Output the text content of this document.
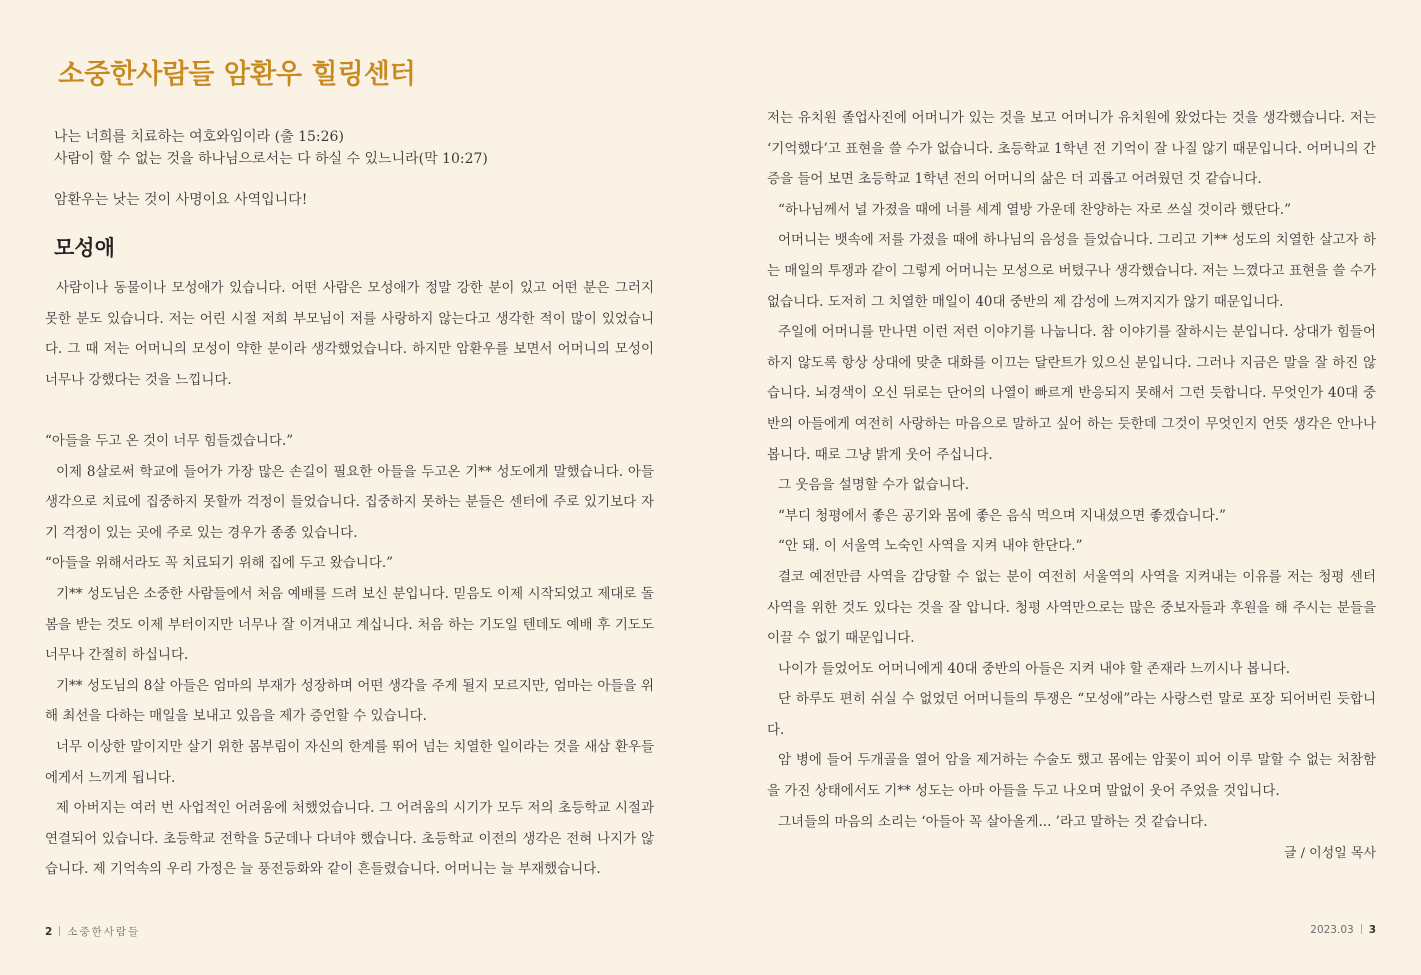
소중한사람들 암환우 힐링센터
나는 너희를 치료하는 여호와임이라 (출 15:26)
사람이 할 수 없는 것을 하나님으로서는 다 하실 수 있느니라(막 10:27)
암환우는 낫는 것이 사명이요 사역입니다!
모성애

사람이나 동물이나 모성애가 있습니다. 어떤 사람은 모성애가 정말 강한 분이 있고 어떤 분은 그러지 못한 분도 있습니다. 저는 어린 시절 저희 부모님이 저를 사랑하지 않는다고 생각한 적이 많이 있었습니다. 그 때 저는 어머니의 모성이 약한 분이라 생각했었습니다. 하지만 암환우를 보면서 어머니의 모성이 너무나 강했다는 것을 느낍니다.

“아들을 두고 온 것이 너무 힘들겠습니다.”

이제 8살로써 학교에 들어가 가장 많은 손길이 필요한 아들을 두고온 기** 성도에게 말했습니다. 아들 생각으로 치료에 집중하지 못할까 걱정이 들었습니다. 집중하지 못하는 분들은 센터에 주로 있기보다 자기 걱정이 있는 곳에 주로 있는 경우가 종종 있습니다.

“아들을 위해서라도 꼭 치료되기 위해 집에 두고 왔습니다.”

기** 성도님은 소중한 사람들에서 처음 예배를 드려 보신 분입니다. 믿음도 이제 시작되었고 제대로 돌봄을 받는 것도 이제 부터이지만 너무나 잘 이겨내고 계십니다. 처음 하는 기도일 텐데도 예배 후 기도도 너무나 간절히 하십니다.

기** 성도님의 8살 아들은 엄마의 부재가 성장하며 어떤 생각을 주게 될지 모르지만, 엄마는 아들을 위해 최선을 다하는 매일을 보내고 있음을 제가 증언할 수 있습니다.

너무 이상한 말이지만 살기 위한 몸부림이 자신의 한계를 뛰어 넘는 치열한 일이라는 것을 새삼 환우들에게서 느끼게 됩니다.

제 아버지는 여러 번 사업적인 어려움에 처했었습니다. 그 어려움의 시기가 모두 저의 초등학교 시절과 연결되어 있습니다. 초등학교 전학을 5군데나 다녀야 했습니다. 초등학교 이전의 생각은 전혀 나지가 않습니다. 제 기억속의 우리 가정은 늘 풍전등화와 같이 흔들렸습니다. 어머니는 늘 부재했습니다.

2 소중한사람들

저는 유치원 졸업사진에 어머니가 있는 것을 보고 어머니가 유치원에 왔었다는 것을 생각했습니다. 저는 ‘기억했다’고 표현을 쓸 수가 없습니다. 초등학교 1학년 전 기억이 잘 나질 않기 때문입니다. 어머니의 간증을 들어 보면 초등학교 1학년 전의 어머니의 삶은 더 괴롭고 어려웠던 것 같습니다.

“하나님께서 널 가졌을 때에 너를 세계 열방 가운데 찬양하는 자로 쓰실 것이라 했단다.”

어머니는 뱃속에 저를 가졌을 때에 하나님의 음성을 들었습니다. 그리고 기** 성도의 치열한 살고자 하는 매일의 투쟁과 같이 그렇게 어머니는 모성으로 버텼구나 생각했습니다. 저는 느꼈다고 표현을 쓸 수가 없습니다. 도저히 그 치열한 매일이 40대 중반의 제 감성에 느껴지지가 않기 때문입니다.

주일에 어머니를 만나면 이런 저런 이야기를 나눕니다. 참 이야기를 잘하시는 분입니다. 상대가 힘들어 하지 않도록 항상 상대에 맞춘 대화를 이끄는 달란트가 있으신 분입니다. 그러나 지금은 말을 잘 하진 않습니다. 뇌경색이 오신 뒤로는 단어의 나열이 빠르게 반응되지 못해서 그런 듯합니다. 무엇인가 40대 중반의 아들에게 여전히 사랑하는 마음으로 말하고 싶어 하는 듯한데 그것이 무엇인지 언뜻 생각은 안나나 봅니다. 때로 그냥 밝게 웃어 주십니다.

그 웃음을 설명할 수가 없습니다.

“부디 청평에서 좋은 공기와 몸에 좋은 음식 먹으며 지내셨으면 좋겠습니다.”

“안 돼. 이 서울역 노숙인 사역을 지켜 내야 한단다.”

결코 예전만큼 사역을 감당할 수 없는 분이 여전히 서울역의 사역을 지켜내는 이유를 저는 청평 센터 사역을 위한 것도 있다는 것을 잘 압니다. 청평 사역만으로는 많은 중보자들과 후원을 해 주시는 분들을 이끌 수 없기 때문입니다.

나이가 들었어도 어머니에게 40대 중반의 아들은 지켜 내야 할 존재라 느끼시나 봅니다.

단 하루도 편히 쉬실 수 없었던 어머니들의 투쟁은 “모성애”라는 사랑스런 말로 포장 되어버린 듯합니다.

암 병에 들어 두개골을 열어 암을 제거하는 수술도 했고 몸에는 암꽃이 피어 이루 말할 수 없는 처참함을 가진 상태에서도 기** 성도는 아마 아들을 두고 나오며 말없이 웃어 주었을 것입니다.

그녀들의 마음의 소리는 ‘아들아 꼭 살아올게... ’라고 말하는 것 같습니다.

글 / 이성일 목사
2023.03 3
